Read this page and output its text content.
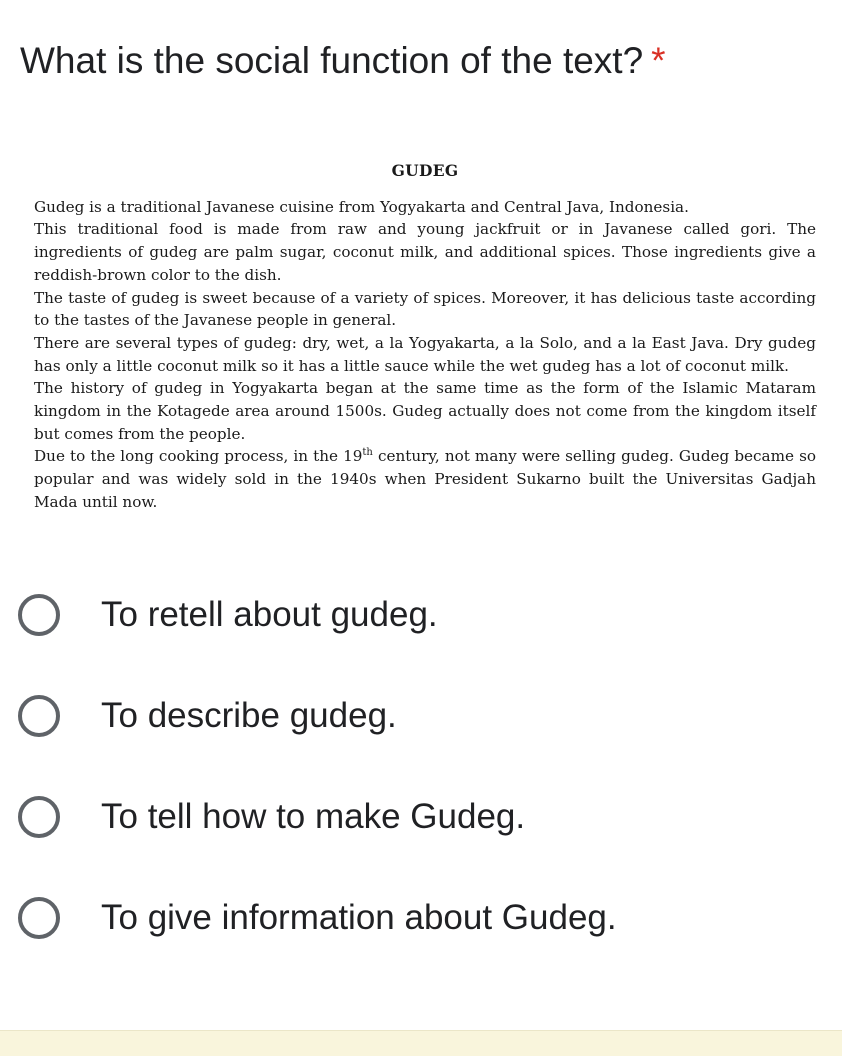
What is the social function of the text? *
GUDEG

Gudeg is a traditional Javanese cuisine from Yogyakarta and Central Java, Indonesia.

This traditional food is made from raw and young jackfruit or in Javanese called gori. The ingredients of gudeg are palm sugar, coconut milk, and additional spices. Those ingredients give a reddish-brown color to the dish.

The taste of gudeg is sweet because of a variety of spices. Moreover, it has delicious taste according to the tastes of the Javanese people in general.

There are several types of gudeg: dry, wet, a la Yogyakarta, a la Solo, and a la East Java. Dry gudeg has only a little coconut milk so it has a little sauce while the wet gudeg has a lot of coconut milk.

The history of gudeg in Yogyakarta began at the same time as the form of the Islamic Mataram kingdom in the Kotagede area around 1500s. Gudeg actually does not come from the kingdom itself but comes from the people.

Due to the long cooking process, in the 19th century, not many were selling gudeg. Gudeg became so popular and was widely sold in the 1940s when President Sukarno built the Universitas Gadjah Mada until now.

To retell about gudeg.
To describe gudeg.
To tell how to make Gudeg.
To give information about Gudeg.
